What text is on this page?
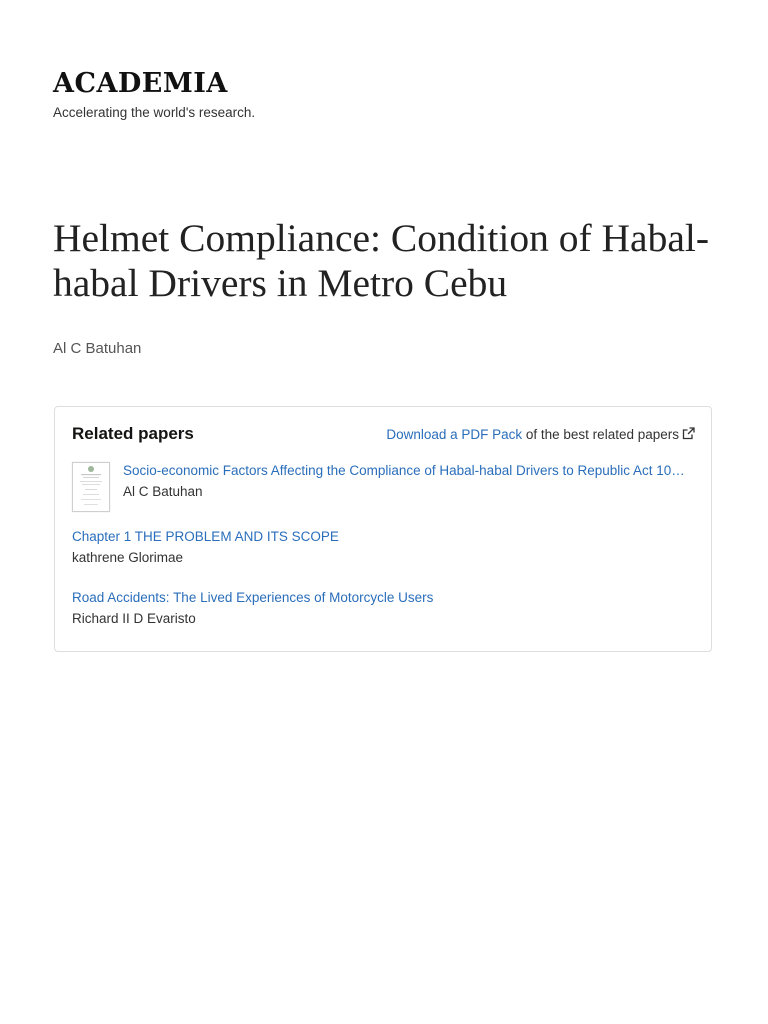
ACADEMIA
Accelerating the world's research.
Helmet Compliance: Condition of Habal-habal Drivers in Metro Cebu
Al C Batuhan
Related papers	Download a PDF Pack of the best related papers
Socio-economic Factors Affecting the Compliance of Habal-habal Drivers to Republic Act 10…
Al C Batuhan
Chapter 1 THE PROBLEM AND ITS SCOPE
kathrene Glorimae
Road Accidents: The Lived Experiences of Motorcycle Users
Richard II D Evaristo
